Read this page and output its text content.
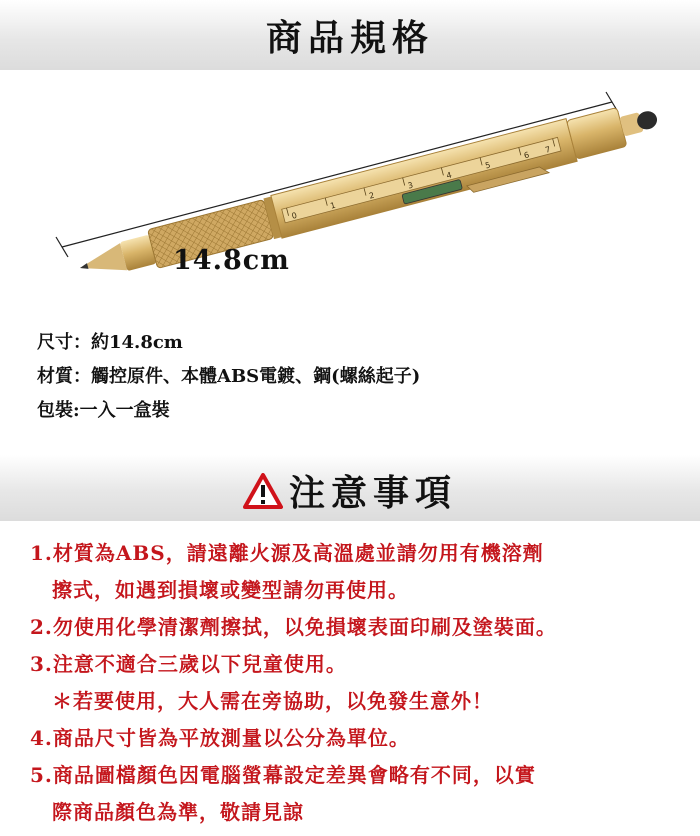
商品規格
0
1
2
3
4
5
6
7
14.8cm
尺寸：約14.8cm
材質：觸控原件、本體ABS電鍍、鋼(螺絲起子)
包裝:一入一盒裝
注意事項
1.材質為ABS，請遠離火源及高溫處並請勿用有機溶劑
擦式，如遇到損壞或變型請勿再使用。
2.勿使用化學清潔劑擦拭，以免損壞表面印刷及塗裝面。
3.注意不適合三歲以下兒童使用。
＊若要使用，大人需在旁協助，以免發生意外！
4.商品尺寸皆為平放測量以公分為單位。
5.商品圖檔顏色因電腦螢幕設定差異會略有不同，以實
際商品顏色為準，敬請見諒
